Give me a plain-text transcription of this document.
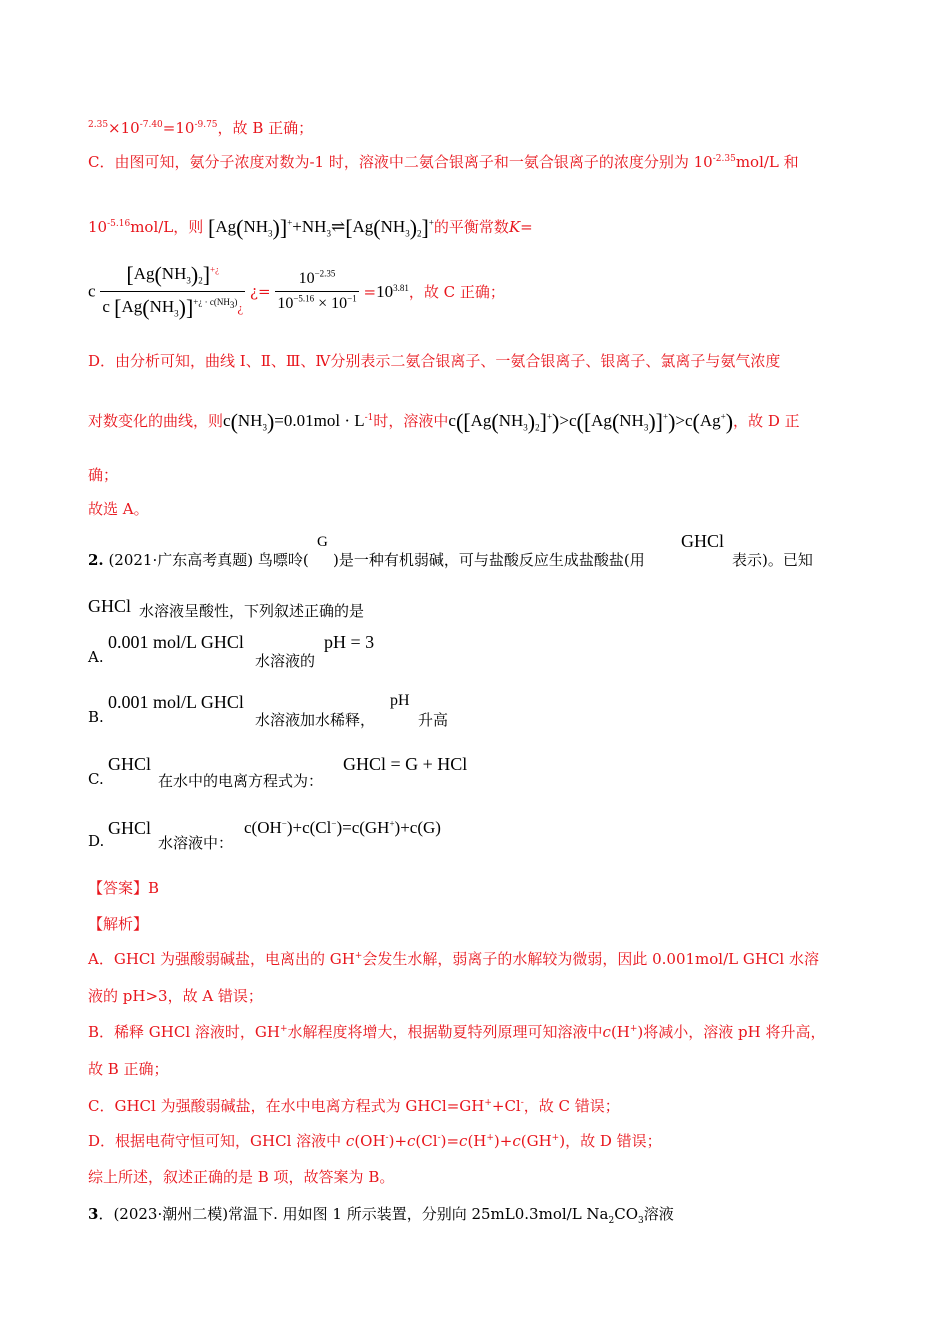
$^{2.35}\times 10^{-7.40}=10^{-9.75}$，故 B 正确；
C．由图可知，氨分子浓度对数为-1 时，溶液中二氨合银离子和一氨合银离子的浓度分别为 $10^{-2.35}mol/L$ 和
$10^{-5.16}mol/L$，则 $[Ag(NH_3)]^++NH_3\rightleftharpoons[Ag(NH_3)_2]^+$的平衡常数K=
c $\frac{[Ag(NH_3)_2]^{+¿}}{c [Ag(NH_3)]^{+¿ \cdot c(NH_3)}¿}$ ¿= $\frac{10^{-2.35}}{10^{-5.16} \times 10^{-1}} =10^{3.81}$，故 C 正确；
D．由分析可知，曲线 I、Ⅱ、Ⅲ、Ⅳ分别表示二氨合银离子、一氨合银离子、银离子、氯离子与氨气浓度
对数变化的曲线，则$c(NH_3)=0.01mol \cdot L^{-1}$时，溶液中$c([Ag(NH_3)_2]^+)>c([Ag(NH_3)]^+)>c(Ag^+)$，故 D 正
确；
故选 A。
2. (2021·广东高考真题) 鸟嘌呤(
G
)是一种有机弱碱，可与盐酸反应生成盐酸盐(用
GHCl
表示)。已知
GHCl 水溶液呈酸性，下列叙述正确的是
A.
0.001 mol/L GHCl
水溶液的
pH = 3
B.
0.001 mol/L GHCl
水溶液加水稀释，
pH
升高
C.
GHCl
在水中的电离方程式为：
GHCl = G + HCl
D.
GHCl
水溶液中：
c(OH−)+c(Cl−)=c(GH+)+c(G)
【答案】B
【解析】
A．GHCl 为强酸弱碱盐，电离出的 GH+会发生水解，弱离子的水解较为微弱，因此 0.001mol/L GHCl 水溶
液的 pH>3，故 A 错误；
B．稀释 GHCl 溶液时，GH+水解程度将增大，根据勒夏特列原理可知溶液中c(H+)将减小，溶液 pH 将升高，
故 B 正确；
C．GHCl 为强酸弱碱盐，在水中电离方程式为 GHCl=GH++Cl-，故 C 错误；
D．根据电荷守恒可知，GHCl 溶液中 c(OH-)+c(Cl-)=c(H+)+c(GH+)，故 D 错误；
综上所述，叙述正确的是 B 项，故答案为 B。
3．(2023·潮州二模)常温下. 用如图 1 所示装置，分别向 25mL0.3mol/L $Na_2CO_3$溶液
